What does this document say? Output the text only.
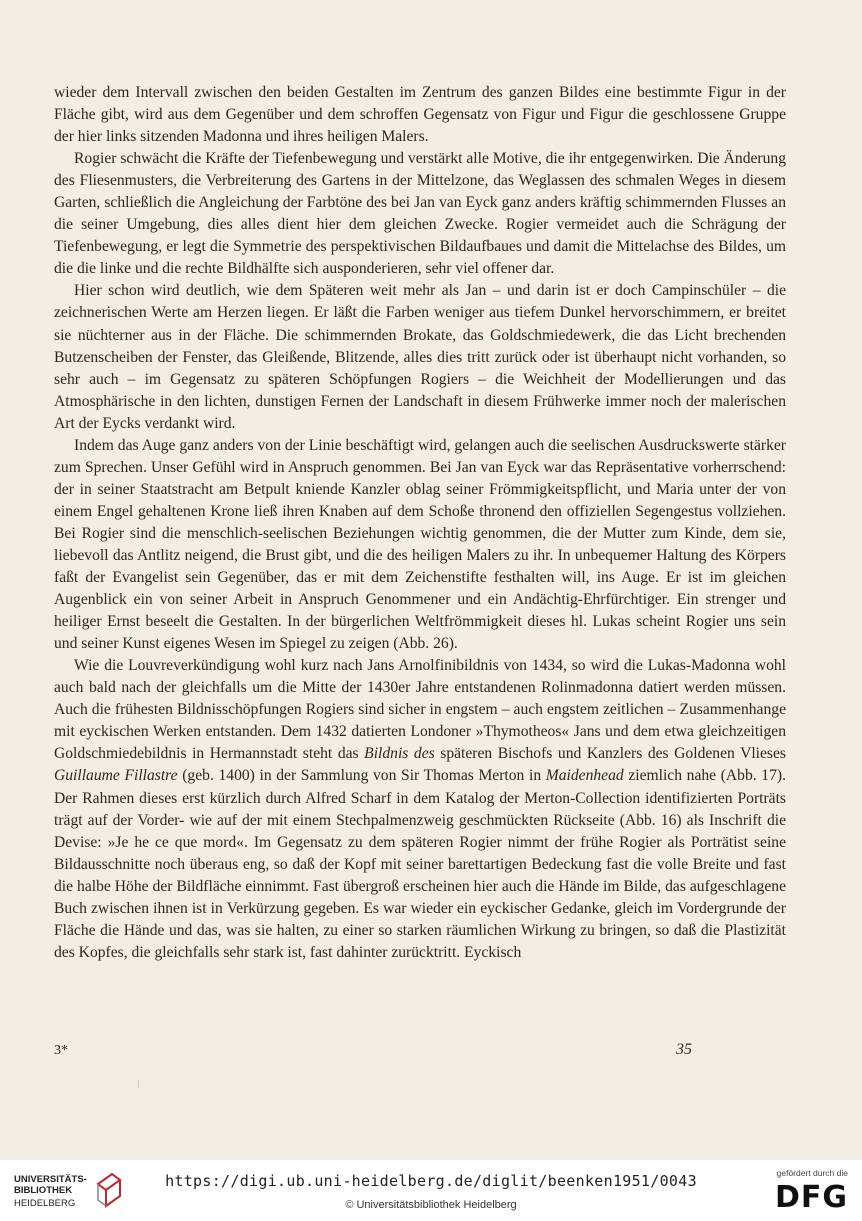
wieder dem Intervall zwischen den beiden Gestalten im Zentrum des ganzen Bildes eine bestimmte Figur in der Fläche gibt, wird aus dem Gegenüber und dem schroffen Gegensatz von Figur und Figur die geschlossene Gruppe der hier links sitzenden Madonna und ihres heiligen Malers.

Rogier schwächt die Kräfte der Tiefenbewegung und verstärkt alle Motive, die ihr entgegenwirken. Die Änderung des Fliesenmusters, die Verbreiterung des Gartens in der Mittelzone, das Weglassen des schmalen Weges in diesem Garten, schließlich die Angleichung der Farbtöne des bei Jan van Eyck ganz anders kräftig schimmernden Flusses an die seiner Umgebung, dies alles dient hier dem gleichen Zwecke. Rogier vermeidet auch die Schrägung der Tiefenbewegung, er legt die Symmetrie des perspektivischen Bildaufbaues und damit die Mittelachse des Bildes, um die die linke und die rechte Bildhälfte sich ausponderieren, sehr viel offener dar.

Hier schon wird deutlich, wie dem Späteren weit mehr als Jan – und darin ist er doch Campinschüler – die zeichnerischen Werte am Herzen liegen. Er läßt die Farben weniger aus tiefem Dunkel hervorschimmern, er breitet sie nüchterner aus in der Fläche. Die schimmernden Brokate, das Goldschmiedewerk, die das Licht brechenden Butzenscheiben der Fenster, das Gleißende, Blitzende, alles dies tritt zurück oder ist überhaupt nicht vorhanden, so sehr auch – im Gegensatz zu späteren Schöpfungen Rogiers – die Weichheit der Modellierungen und das Atmosphärische in den lichten, dunstigen Fernen der Landschaft in diesem Frühwerke immer noch der malerischen Art der Eycks verdankt wird.

Indem das Auge ganz anders von der Linie beschäftigt wird, gelangen auch die seelischen Ausdruckswerte stärker zum Sprechen. Unser Gefühl wird in Anspruch genommen. Bei Jan van Eyck war das Repräsentative vorherrschend: der in seiner Staatstracht am Betpult kniende Kanzler oblag seiner Frömmigkeitspflicht, und Maria unter der von einem Engel gehaltenen Krone ließ ihren Knaben auf dem Schoße thronend den offiziellen Segengestus vollziehen. Bei Rogier sind die menschlich-seelischen Beziehungen wichtig genommen, die der Mutter zum Kinde, dem sie, liebevoll das Antlitz neigend, die Brust gibt, und die des heiligen Malers zu ihr. In unbequemer Haltung des Körpers faßt der Evangelist sein Gegenüber, das er mit dem Zeichenstifte festhalten will, ins Auge. Er ist im gleichen Augenblick ein von seiner Arbeit in Anspruch Genommener und ein Andächtig-Ehrfürchtiger. Ein strenger und heiliger Ernst beseelt die Gestalten. In der bürgerlichen Weltfrömmigkeit dieses hl. Lukas scheint Rogier uns sein und seiner Kunst eigenes Wesen im Spiegel zu zeigen (Abb. 26).

Wie die Louvreverkündigung wohl kurz nach Jans Arnolfinibildnis von 1434, so wird die Lukas-Madonna wohl auch bald nach der gleichfalls um die Mitte der 1430er Jahre entstandenen Rolinmadonna datiert werden müssen. Auch die frühesten Bildnisschöpfungen Rogiers sind sicher in engstem – auch engstem zeitlichen – Zusammenhange mit eyckischen Werken entstanden. Dem 1432 datierten Londoner »Thymotheos« Jans und dem etwa gleichzeitigen Goldschmiedebildnis in Hermannstadt steht das Bildnis des späteren Bischofs und Kanzlers des Goldenen Vlieses Guillaume Fillastre (geb. 1400) in der Sammlung von Sir Thomas Merton in Maidenhead ziemlich nahe (Abb. 17). Der Rahmen dieses erst kürzlich durch Alfred Scharf in dem Katalog der Merton-Collection identifizierten Porträts trägt auf der Vorder- wie auf der mit einem Stechpalmenzweig geschmückten Rückseite (Abb. 16) als Inschrift die Devise: »Je he ce que mord«. Im Gegensatz zu dem späteren Rogier nimmt der frühe Rogier als Porträtist seine Bildausschnitte noch überaus eng, so daß der Kopf mit seiner barettartigen Bedeckung fast die volle Breite und fast die halbe Höhe der Bildfläche einnimmt. Fast übergroß erscheinen hier auch die Hände im Bilde, das aufgeschlagene Buch zwischen ihnen ist in Verkürzung gegeben. Es war wieder ein eyckischer Gedanke, gleich im Vordergrunde der Fläche die Hände und das, was sie halten, zu einer so starken räumlichen Wirkung zu bringen, so daß die Plastizität des Kopfes, die gleichfalls sehr stark ist, fast dahinter zurücktritt. Eyckisch

3*	35
UNIVERSITÄTS-
BIBLIOTHEK
HEIDELBERG
https://digi.ub.uni-heidelberg.de/diglit/beenken1951/0043
© Universitätsbibliothek Heidelberg
gefördert durch die
DFG
